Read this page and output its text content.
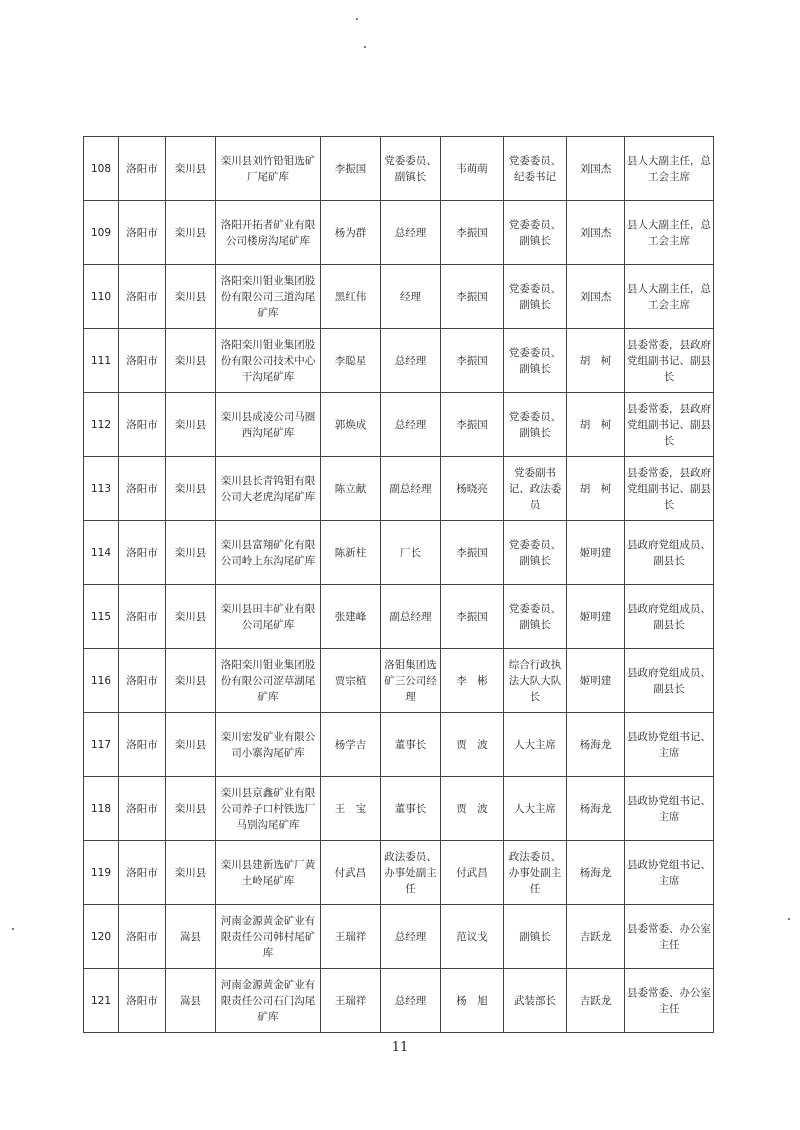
108	洛阳市	栾川县	栾川县刘竹铅钼选矿厂尾矿库	李振国	党委委员、副镇长	韦萌萌	党委委员、纪委书记	刘国杰	县人大副主任，总工会主席
109	洛阳市	栾川县	洛阳开拓者矿业有限公司楼房沟尾矿库	杨为群	总经理	李振国	党委委员、副镇长	刘国杰	县人大副主任，总工会主席
110	洛阳市	栾川县	洛阳栾川钼业集团股份有限公司三道沟尾矿库	黑红伟	经理	李振国	党委委员、副镇长	刘国杰	县人大副主任，总工会主席
111	洛阳市	栾川县	洛阳栾川钼业集团股份有限公司技术中心干沟尾矿库	李聪星	总经理	李振国	党委委员、副镇长	胡　柯	县委常委，县政府党组副书记、副县长
112	洛阳市	栾川县	栾川县成凌公司马圈西沟尾矿库	郭焕成	总经理	李振国	党委委员、副镇长	胡　柯	县委常委，县政府党组副书记、副县长
113	洛阳市	栾川县	栾川县长青钨钼有限公司大老虎沟尾矿库	陈立献	副总经理	杨晓亮	党委副书记、政法委员	胡　柯	县委常委，县政府党组副书记、副县长
114	洛阳市	栾川县	栾川县富翔矿化有限公司岭上东沟尾矿库	陈新柱	厂长	李振国	党委委员、副镇长	姬明建	县政府党组成员、副县长
115	洛阳市	栾川县	栾川县田丰矿业有限公司尾矿库	张建峰	副总经理	李振国	党委委员、副镇长	姬明建	县政府党组成员、副县长
116	洛阳市	栾川县	洛阳栾川钼业集团股份有限公司涩草湖尾矿库	贾宗植	洛钼集团选矿三公司经理	李　彬	综合行政执法大队大队长	姬明建	县政府党组成员、副县长
117	洛阳市	栾川县	栾川宏发矿业有限公司小寨沟尾矿库	杨学吉	董事长	贾　波	人大主席	杨海龙	县政协党组书记、主席
118	洛阳市	栾川县	栾川县京鑫矿业有限公司养子口村铁选厂马别沟尾矿库	王　宝	董事长	贾　波	人大主席	杨海龙	县政协党组书记、主席
119	洛阳市	栾川县	栾川县建新选矿厂黄土岭尾矿库	付武昌	政法委员、办事处副主任	付武昌	政法委员、办事处副主任	杨海龙	县政协党组书记、主席
120	洛阳市	嵩县	河南金源黄金矿业有限责任公司韩村尾矿库	王瑞祥	总经理	范议戈	副镇长	吉跃龙	县委常委、办公室主任
121	洛阳市	嵩县	河南金源黄金矿业有限责任公司石门沟尾矿库	王瑞祥	总经理	杨　旭	武装部长	吉跃龙	县委常委、办公室主任
11
